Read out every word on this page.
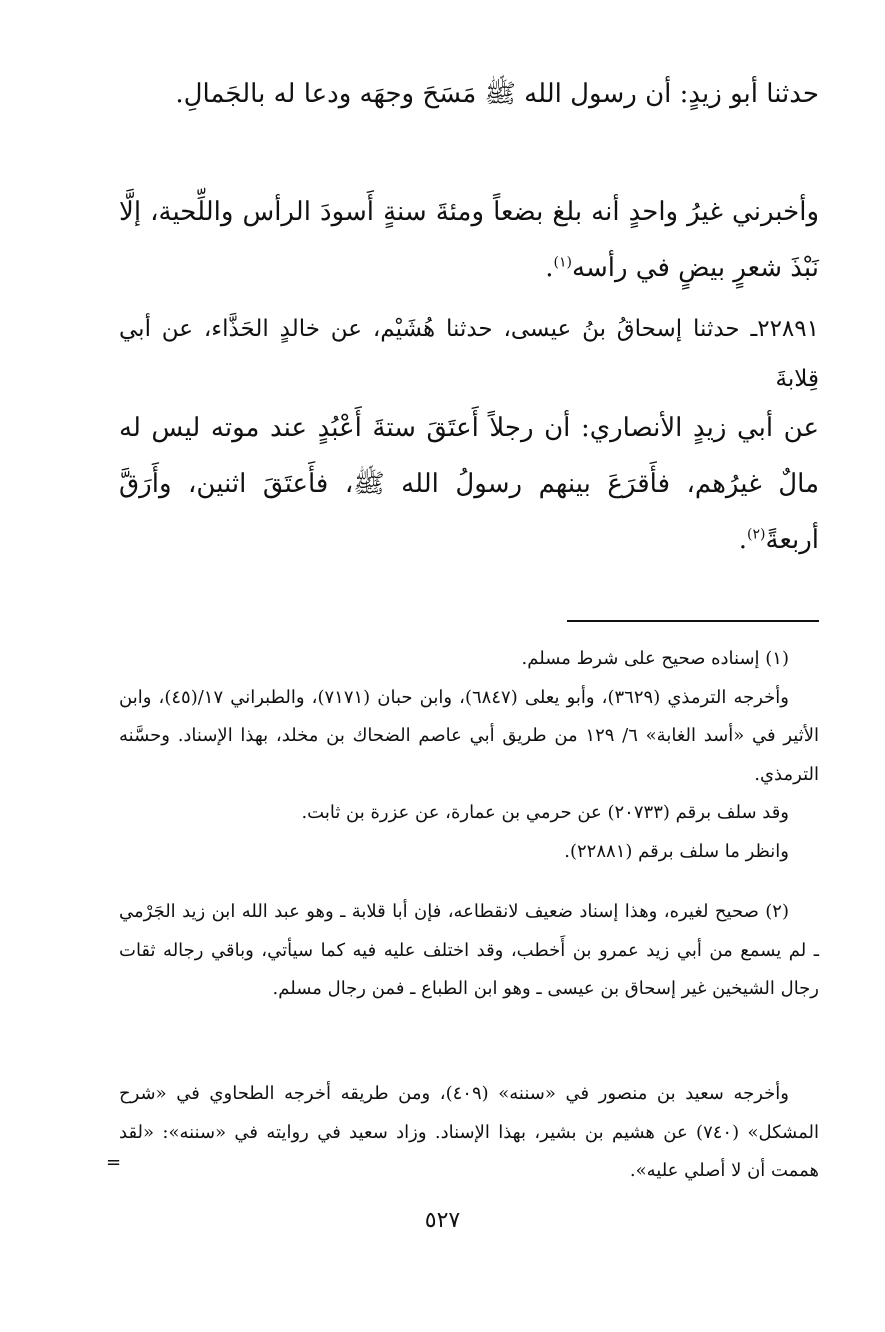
حدثنا أبو زيدٍ: أن رسول الله ﷺ مَسَحَ وجهَه ودعا له بالجَمالِ.

وأخبرني غيرُ واحدٍ أنه بلغ بضعاً ومئةَ سنةٍ أَسودَ الرأس واللِّحية، إلَّا نَبْذَ شعرٍ بيضٍ في رأسه$^{(١)}$.

٢٢٨٩١ـ حدثنا إسحاقُ بنُ عيسى، حدثنا هُشَيْم، عن خالدٍ الحَذَّاء، عن أبي قِلابةَ

عن أبي زيدٍ الأنصاري: أن رجلاً أَعتَقَ ستةَ أَعْبُدٍ عند موته ليس له مالٌ غيرُهم، فأَقرَعَ بينهم رسولُ الله ﷺ، فأَعتَقَ اثنين، وأَرَقَّ أربعةً$^{(٢)}$.

(١) إسناده صحيح على شرط مسلم.

وأخرجه الترمذي (٣٦٢٩)، وأبو يعلى (٦٨٤٧)، وابن حبان (٧١٧١)، والطبراني ١٧/(٤٥)، وابن الأثير في «أسد الغابة» ٦/ ١٢٩ من طريق أبي عاصم الضحاك بن مخلد، بهذا الإسناد. وحسَّنه الترمذي.

وقد سلف برقم (٢٠٧٣٣) عن حرمي بن عمارة، عن عزرة بن ثابت.

وانظر ما سلف برقم (٢٢٨٨١).

(٢) صحيح لغيره، وهذا إسناد ضعيف لانقطاعه، فإن أبا قلابة ـ وهو عبد الله ابن زيد الجَرْمي ـ لم يسمع من أبي زيد عمرو بن أَخطب، وقد اختلف عليه فيه كما سيأتي، وباقي رجاله ثقات رجال الشيخين غير إسحاق بن عيسى ـ وهو ابن الطباع ـ فمن رجال مسلم.

وأخرجه سعيد بن منصور في «سننه» (٤٠٩)، ومن طريقه أخرجه الطحاوي في «شرح المشكل» (٧٤٠) عن هشيم بن بشير، بهذا الإسناد. وزاد سعيد في روايته في «سننه»: «لقد هممت أن لا أصلي عليه».

=
٥٢٧
